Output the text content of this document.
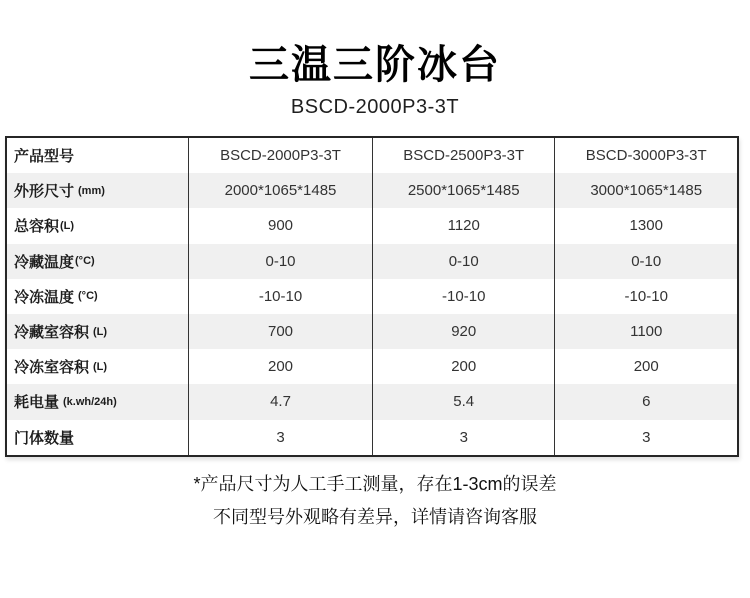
三温三阶冰台
BSCD-2000P3-3T
产品型号	BSCD-2000P3-3T	BSCD-2500P3-3T	BSCD-3000P3-3T
外形尺寸 (mm)	2000*1065*1485	2500*1065*1485	3000*1065*1485
总容积 (L)	900	1120	1300
冷藏温度 (°C)	0-10	0-10	0-10
冷冻温度 (°C)	-10-10	-10-10	-10-10
冷藏室容积 (L)	700	920	1100
冷冻室容积 (L)	200	200	200
耗电量 (k.wh/24h)	4.7	5.4	6
门体数量	3	3	3
*产品尺寸为人工手工测量，存在1-3cm的误差
不同型号外观略有差异，详情请咨询客服
